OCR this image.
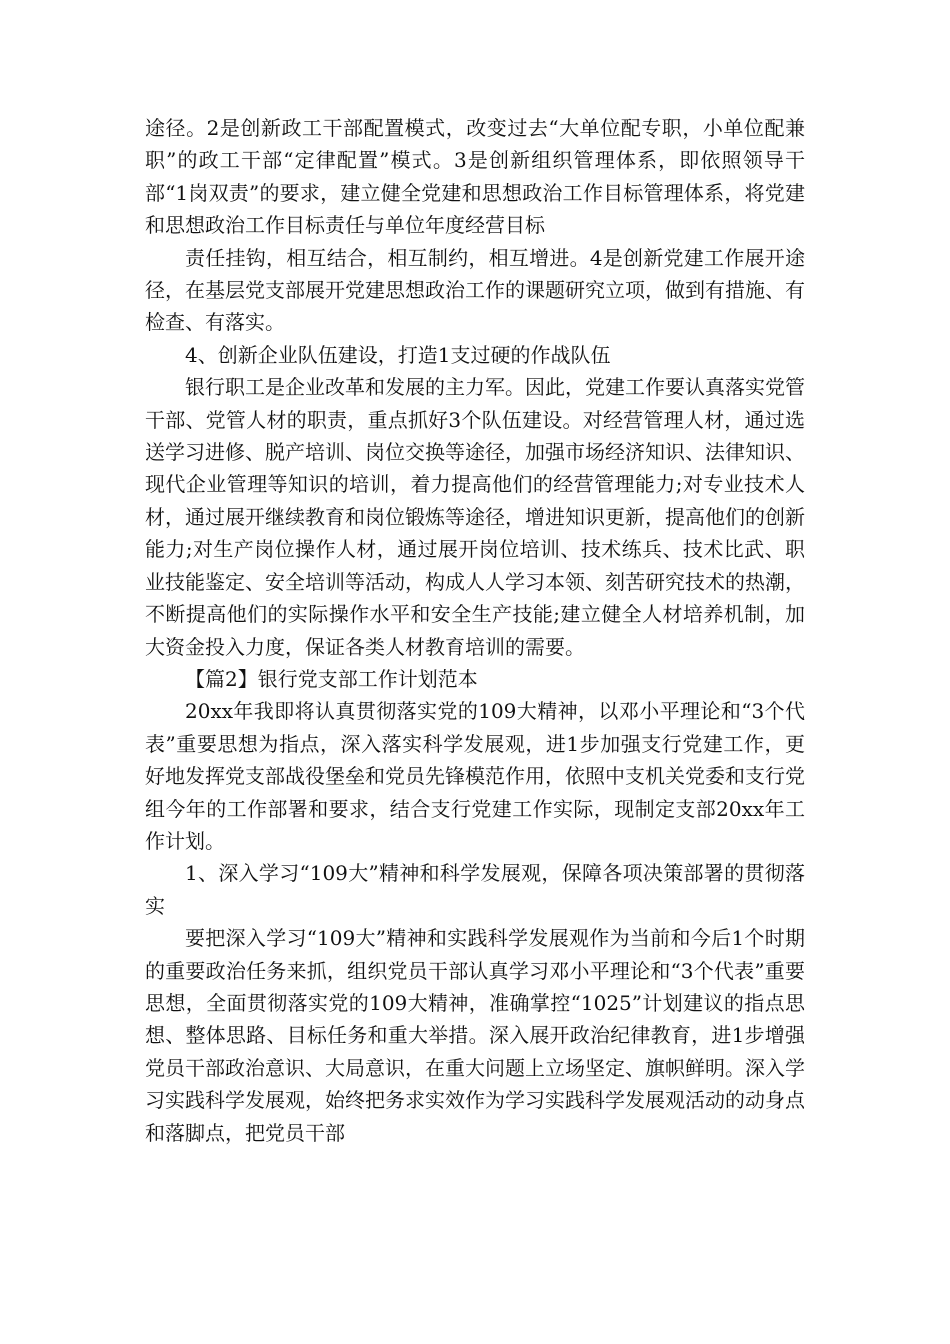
途径。2是创新政工干部配置模式，改变过去“大单位配专职，小单位配兼职”的政工干部“定律配置”模式。3是创新组织管理体系，即依照领导干部“1岗双责”的要求，建立健全党建和思想政治工作目标管理体系，将党建和思想政治工作目标责任与单位年度经营目标

责任挂钩，相互结合，相互制约，相互增进。4是创新党建工作展开途径，在基层党支部展开党建思想政治工作的课题研究立项，做到有措施、有检查、有落实。

4、创新企业队伍建设，打造1支过硬的作战队伍

银行职工是企业改革和发展的主力军。因此，党建工作要认真落实党管干部、党管人材的职责，重点抓好3个队伍建设。对经营管理人材，通过选送学习进修、脱产培训、岗位交换等途径，加强市场经济知识、法律知识、现代企业管理等知识的培训，着力提高他们的经营管理能力;对专业技术人材，通过展开继续教育和岗位锻炼等途径，增进知识更新，提高他们的创新能力;对生产岗位操作人材，通过展开岗位培训、技术练兵、技术比武、职业技能鉴定、安全培训等活动，构成人人学习本领、刻苦研究技术的热潮，不断提高他们的实际操作水平和安全生产技能;建立健全人材培养机制，加大资金投入力度，保证各类人材教育培训的需要。

【篇2】银行党支部工作计划范本

20xx年我即将认真贯彻落实党的109大精神，以邓小平理论和“3个代表”重要思想为指点，深入落实科学发展观，进1步加强支行党建工作，更好地发挥党支部战役堡垒和党员先锋模范作用，依照中支机关党委和支行党组今年的工作部署和要求，结合支行党建工作实际，现制定支部20xx年工作计划。

1、深入学习“109大”精神和科学发展观，保障各项决策部署的贯彻落实

要把深入学习“109大”精神和实践科学发展观作为当前和今后1个时期的重要政治任务来抓，组织党员干部认真学习邓小平理论和“3个代表”重要思想，全面贯彻落实党的109大精神，准确掌控“1025”计划建议的指点思想、整体思路、目标任务和重大举措。深入展开政治纪律教育，进1步增强党员干部政治意识、大局意识，在重大问题上立场坚定、旗帜鲜明。深入学习实践科学发展观，始终把务求实效作为学习实践科学发展观活动的动身点和落脚点，把党员干部
